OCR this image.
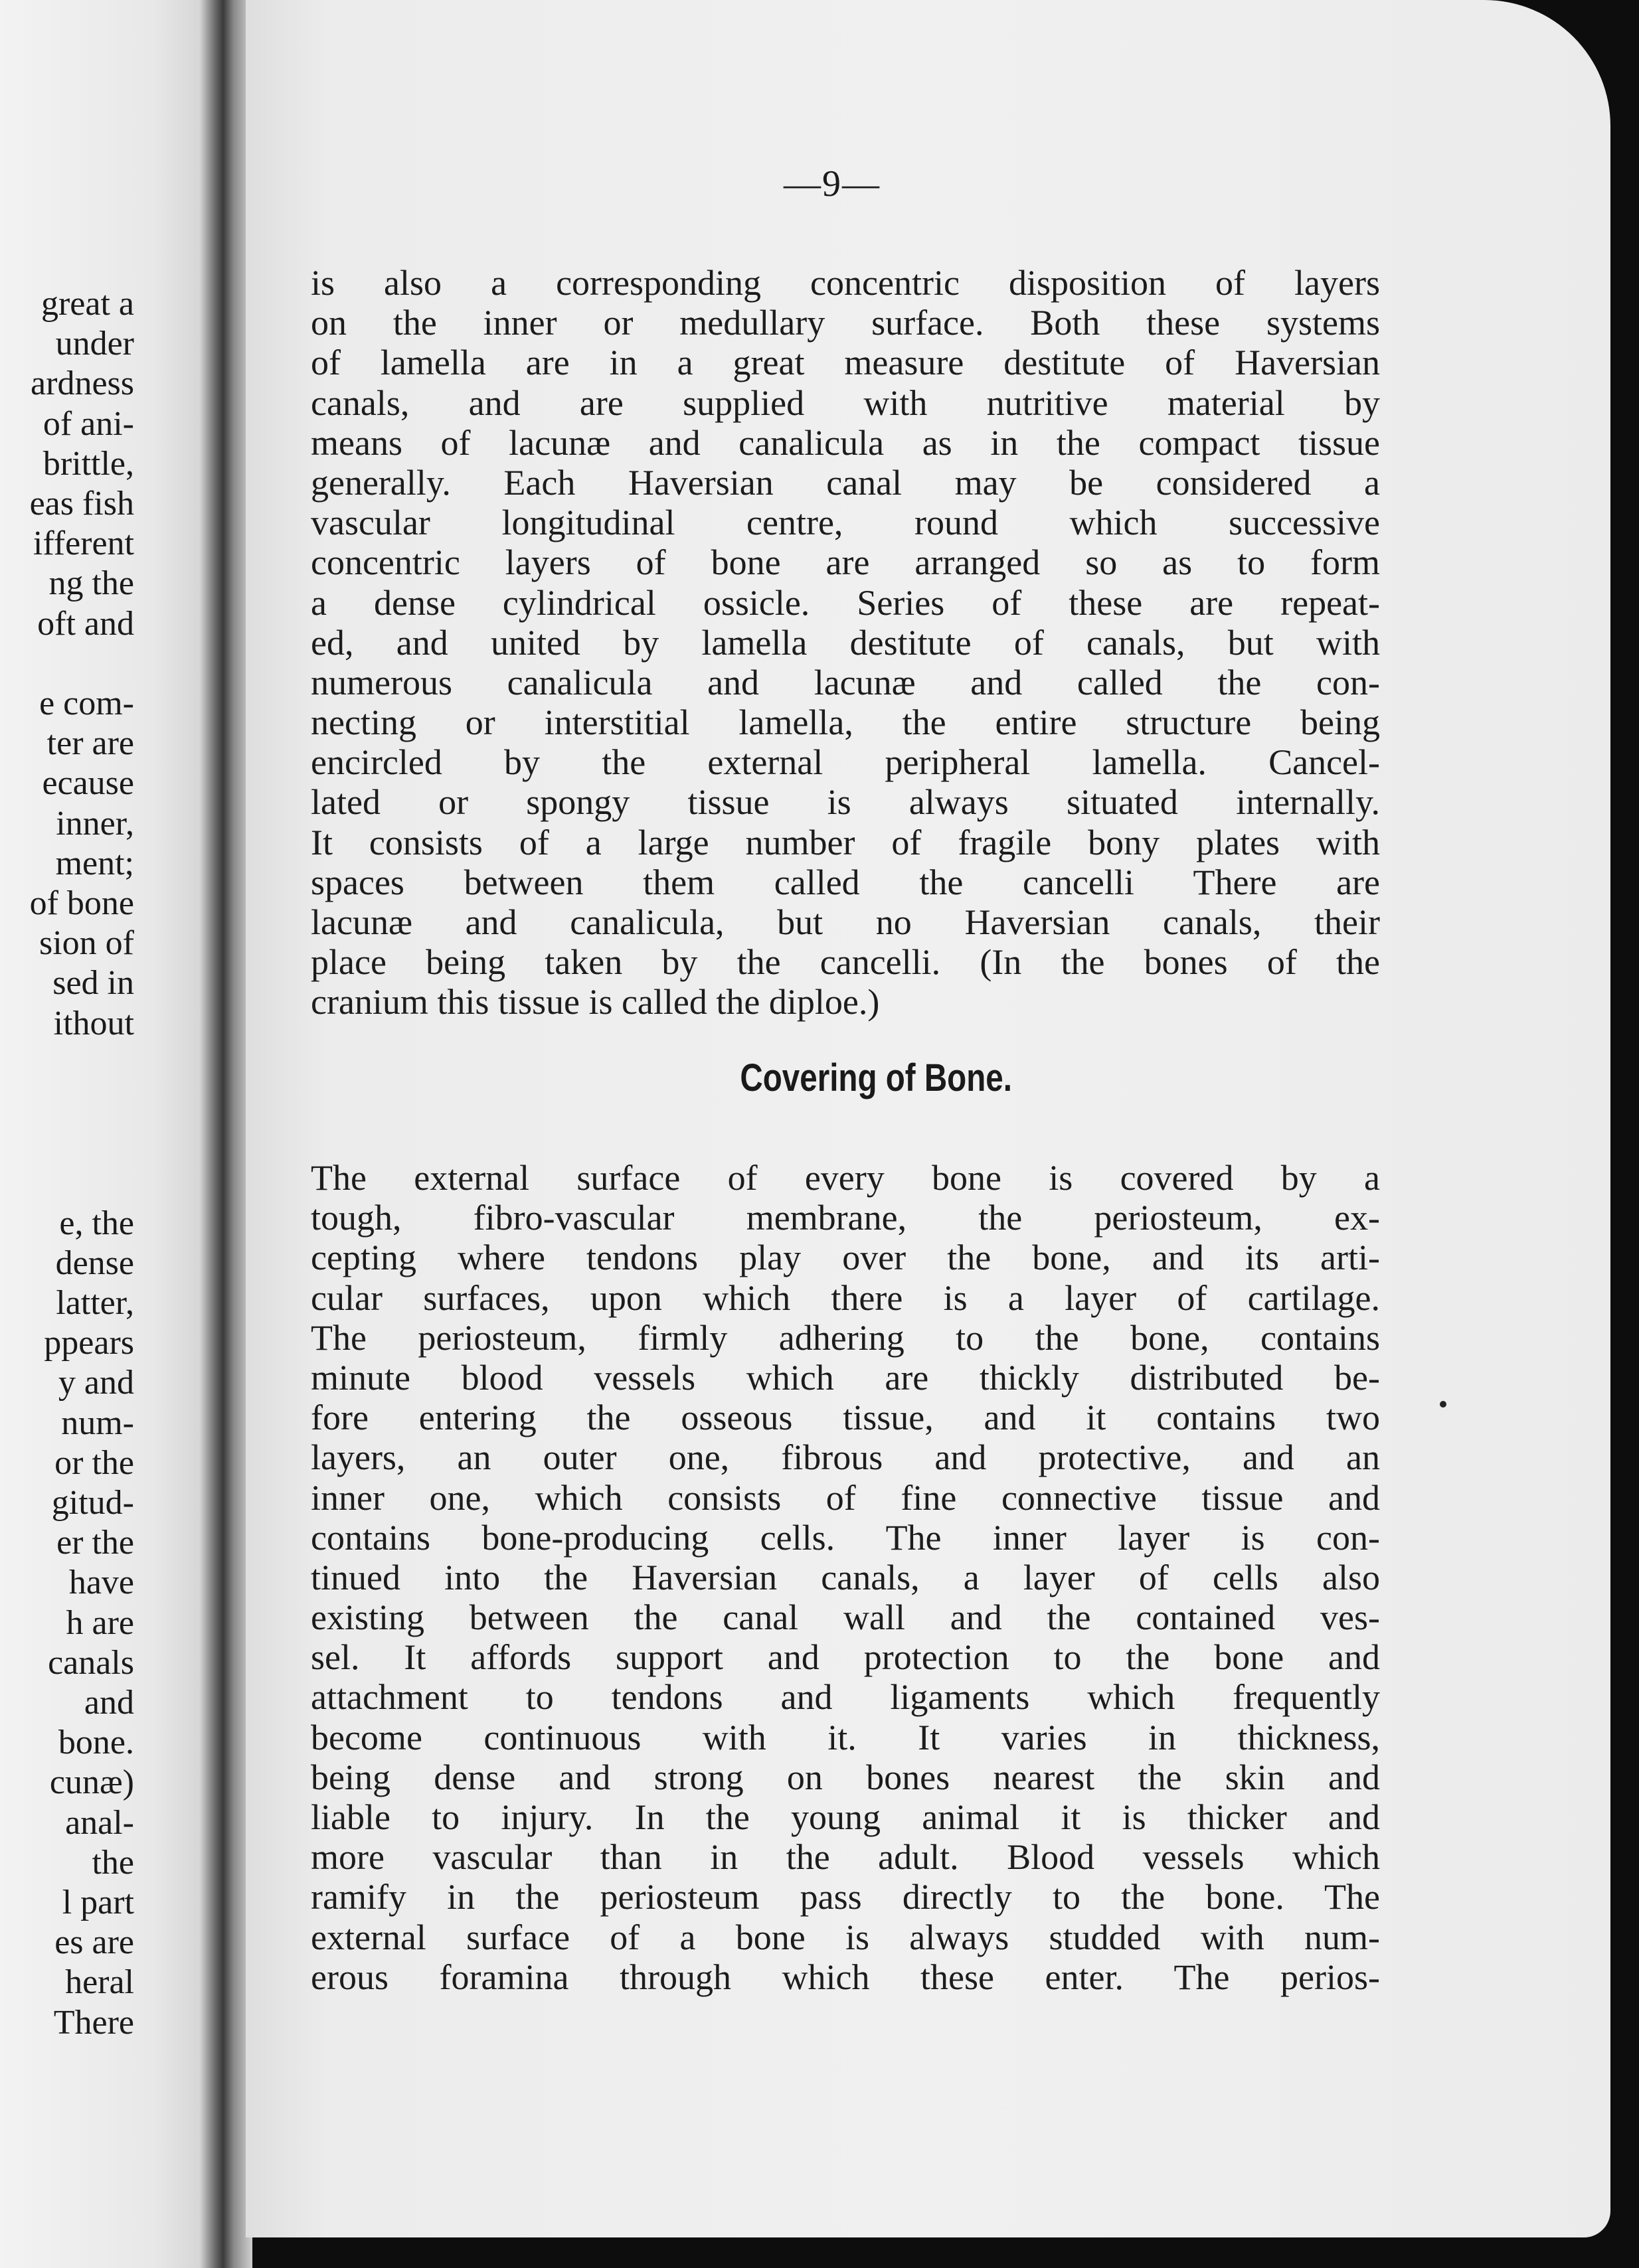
great a
under
ardness
of ani-
brittle,
eas fish
ifferent
ng the
oft and
e com-
ter are
ecause
inner,
ment;
of bone
sion of
sed in
ithout
e, the
dense
latter,
ppears
y and
num-
or the
gitud-
er the
have
h are
canals
and
bone.
cunæ)
anal-
the
l part
es are
heral
There
—9—
is also a corresponding concentric disposition of layers
on the inner or medullary surface. Both these systems
of lamella are in a great measure destitute of Haversian
canals, and are supplied with nutritive material by
means of lacunæ and canalicula as in the compact tissue
generally. Each Haversian canal may be considered a
vascular longitudinal centre, round which successive
concentric layers of bone are arranged so as to form
a dense cylindrical ossicle. Series of these are repeat-
ed, and united by lamella destitute of canals, but with
numerous canalicula and lacunæ and called the con-
necting or interstitial lamella, the entire structure being
encircled by the external peripheral lamella. Cancel-
lated or spongy tissue is always situated internally.
It consists of a large number of fragile bony plates with
spaces between them called the cancelli There are
lacunæ and canalicula, but no Haversian canals, their
place being taken by the cancelli. (In the bones of the
cranium this tissue is called the diploe.)
Covering of Bone.
The external surface of every bone is covered by a
tough, fibro-vascular membrane, the periosteum, ex-
cepting where tendons play over the bone, and its arti-
cular surfaces, upon which there is a layer of cartilage.
The periosteum, firmly adhering to the bone, contains
minute blood vessels which are thickly distributed be-
fore entering the osseous tissue, and it contains two
layers, an outer one, fibrous and protective, and an
inner one, which consists of fine connective tissue and
contains bone-producing cells. The inner layer is con-
tinued into the Haversian canals, a layer of cells also
existing between the canal wall and the contained ves-
sel. It affords support and protection to the bone and
attachment to tendons and ligaments which frequently
become continuous with it. It varies in thickness,
being dense and strong on bones nearest the skin and
liable to injury. In the young animal it is thicker and
more vascular than in the adult. Blood vessels which
ramify in the periosteum pass directly to the bone. The
external surface of a bone is always studded with num-
erous foramina through which these enter. The perios-
